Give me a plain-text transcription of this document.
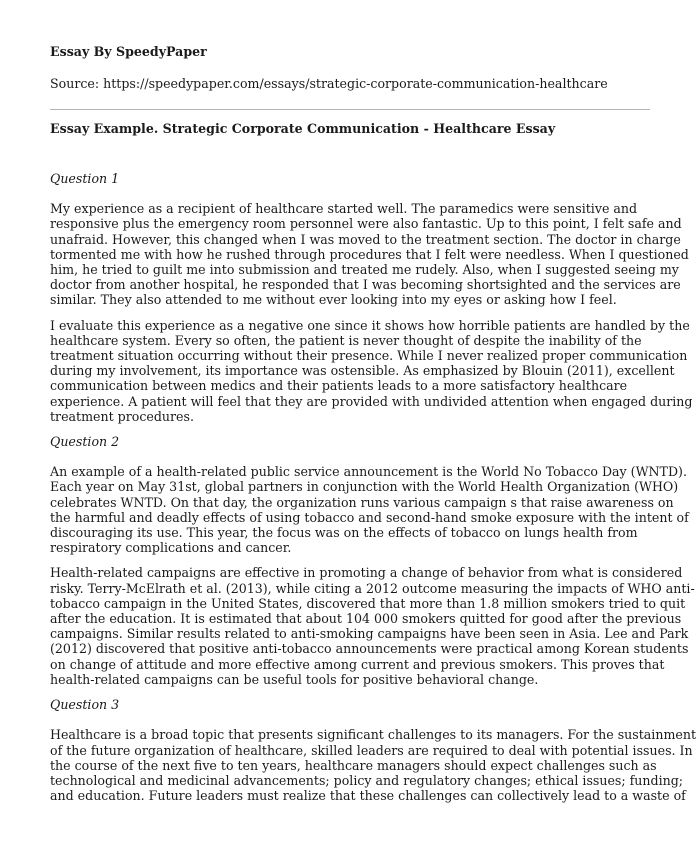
Essay By SpeedyPaper
Source: https://speedypaper.com/essays/strategic-corporate-communication-healthcare
Essay Example. Strategic Corporate Communication - Healthcare Essay
Question 1
My experience as a recipient of healthcare started well. The paramedics were sensitive and
responsive plus the emergency room personnel were also fantastic. Up to this point, I felt safe and
unafraid. However, this changed when I was moved to the treatment section. The doctor in charge
tormented me with how he rushed through procedures that I felt were needless. When I questioned
him, he tried to guilt me into submission and treated me rudely. Also, when I suggested seeing my
doctor from another hospital, he responded that I was becoming shortsighted and the services are
similar. They also attended to me without ever looking into my eyes or asking how I feel.
I evaluate this experience as a negative one since it shows how horrible patients are handled by the
healthcare system. Every so often, the patient is never thought of despite the inability of the
treatment situation occurring without their presence. While I never realized proper communication
during my involvement, its importance was ostensible. As emphasized by Blouin (2011), excellent
communication between medics and their patients leads to a more satisfactory healthcare
experience. A patient will feel that they are provided with undivided attention when engaged during
treatment procedures.
Question 2
An example of a health-related public service announcement is the World No Tobacco Day (WNTD).
Each year on May 31st, global partners in conjunction with the World Health Organization (WHO)
celebrates WNTD. On that day, the organization runs various campaign s that raise awareness on
the harmful and deadly effects of using tobacco and second-hand smoke exposure with the intent of
discouraging its use. This year, the focus was on the effects of tobacco on lungs health from
respiratory complications and cancer.
Health-related campaigns are effective in promoting a change of behavior from what is considered
risky. Terry-McElrath et al. (2013), while citing a 2012 outcome measuring the impacts of WHO anti-
tobacco campaign in the United States, discovered that more than 1.8 million smokers tried to quit
after the education. It is estimated that about 104 000 smokers quitted for good after the previous
campaigns. Similar results related to anti-smoking campaigns have been seen in Asia. Lee and Park
(2012) discovered that positive anti-tobacco announcements were practical among Korean students
on change of attitude and more effective among current and previous smokers. This proves that
health-related campaigns can be useful tools for positive behavioral change.
Question 3
Healthcare is a broad topic that presents significant challenges to its managers. For the sustainment
of the future organization of healthcare, skilled leaders are required to deal with potential issues. In
the course of the next five to ten years, healthcare managers should expect challenges such as
technological and medicinal advancements; policy and regulatory changes; ethical issues; funding;
and education. Future leaders must realize that these challenges can collectively lead to a waste of
